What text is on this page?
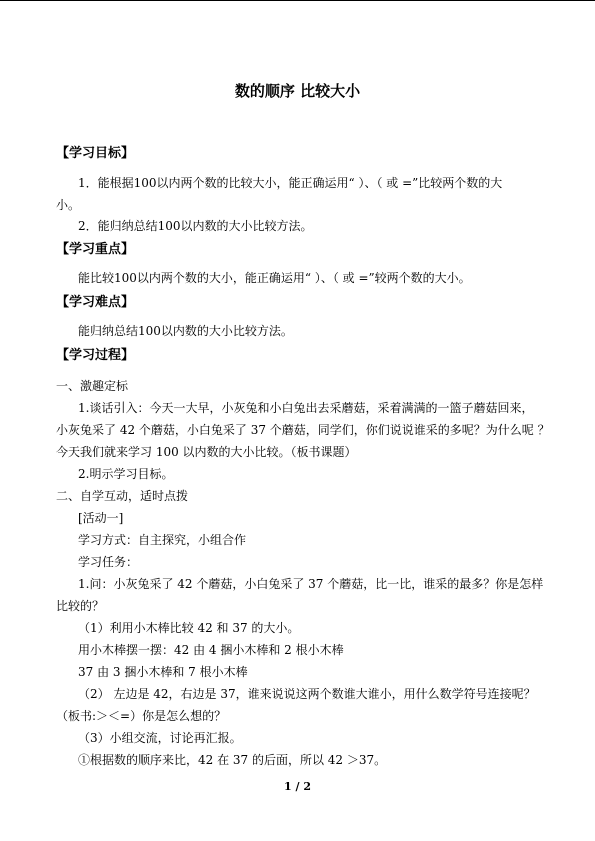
数的顺序 比较大小
【学习目标】
1．能根据100以内两个数的比较大小，能正确运用“ ）、（ 或 =”比较两个数的大
小。
2．能归纳总结100以内数的大小比较方法。
【学习重点】
能比较100以内两个数的大小，能正确运用“ ）、（ 或 =”较两个数的大小。
【学习难点】
能归纳总结100以内数的大小比较方法。
【学习过程】
一、激趣定标
1.谈话引入：今天一大早，小灰兔和小白兔出去采蘑菇，采着满满的一篮子蘑菇回来，
小灰兔采了 42 个蘑菇，小白兔采了 37 个蘑菇，同学们，你们说说谁采的多呢？为什么呢 ？
今天我们就来学习 100 以内数的大小比较。（板书课题）
2.明示学习目标。
二、自学互动，适时点拨
[活动一]
学习方式：自主探究，小组合作
学习任务：
1.问：小灰兔采了 42 个蘑菇，小白兔采了 37 个蘑菇，比一比，谁采的最多？你是怎样
比较的？
（1）利用小木棒比较 42 和 37 的大小。
用小木棒摆一摆：42 由 4 捆小木棒和 2 根小木棒
37 由 3 捆小木棒和 7 根小木棒
（2） 左边是 42，右边是 37，谁来说说这两个数谁大谁小，用什么数学符号连接呢？
（板书:＞＜=）你是怎么想的？
（3）小组交流，讨论再汇报。
①根据数的顺序来比，42 在 37 的后面，所以 42 ＞37。
1 / 2
